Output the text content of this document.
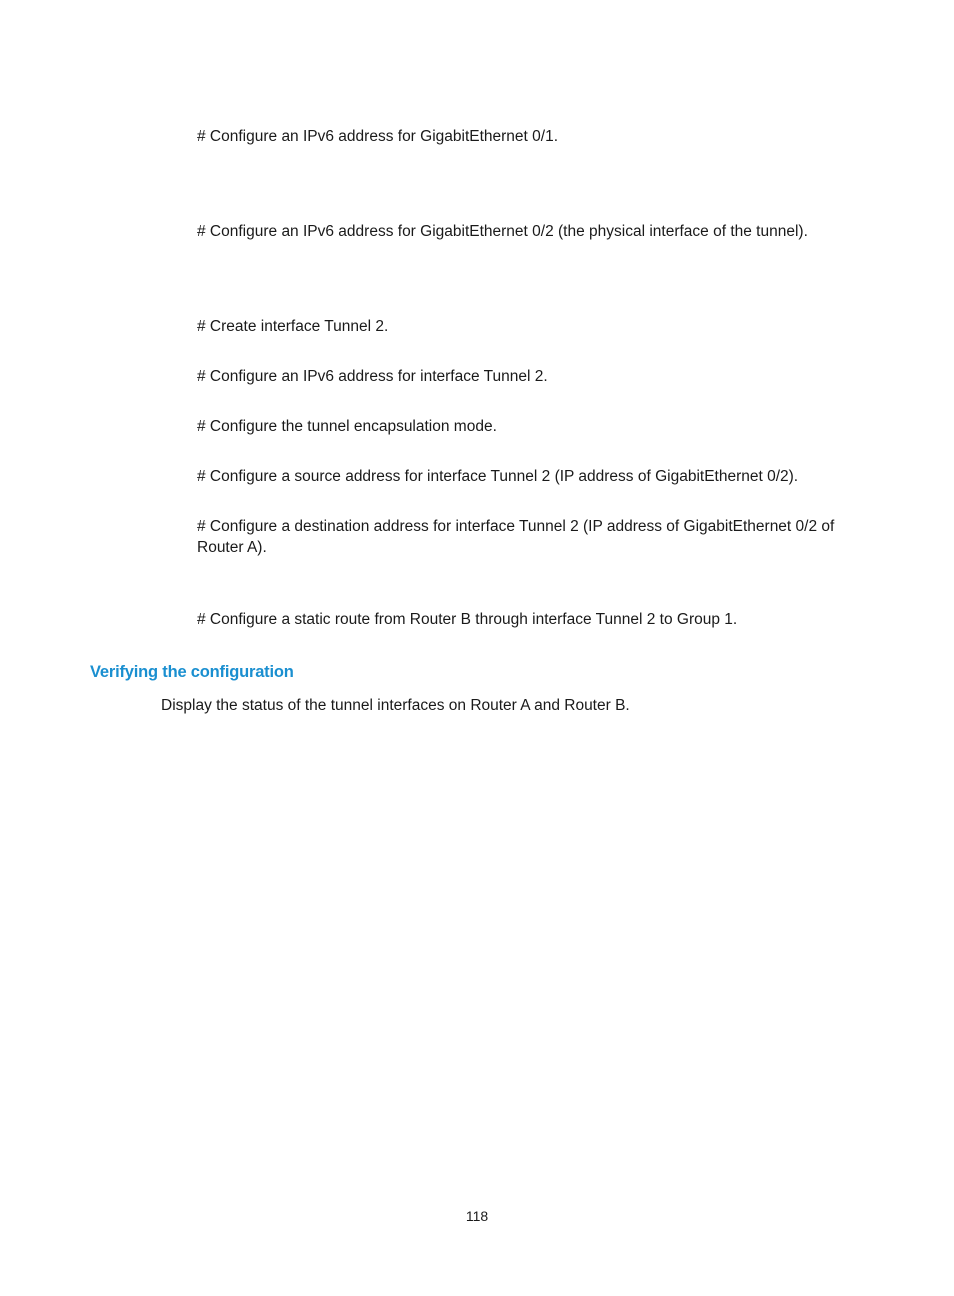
# Configure an IPv6 address for GigabitEthernet 0/1.

# Configure an IPv6 address for GigabitEthernet 0/2 (the physical interface of the tunnel).

# Create interface Tunnel 2.

# Configure an IPv6 address for interface Tunnel 2.

# Configure the tunnel encapsulation mode.

# Configure a source address for interface Tunnel 2 (IP address of GigabitEthernet 0/2).

# Configure a destination address for interface Tunnel 2 (IP address of GigabitEthernet 0/2 of Router A).

# Configure a static route from Router B through interface Tunnel 2 to Group 1.

Verifying the configuration

Display the status of the tunnel interfaces on Router A and Router B.

118
